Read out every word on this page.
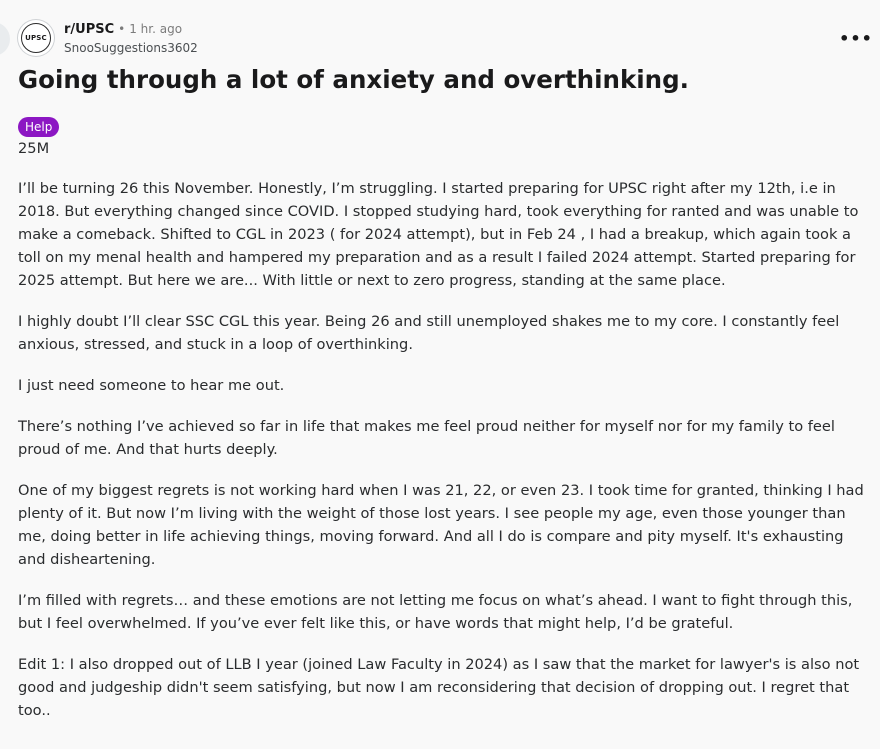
UPSC
r/UPSC • 1 hr. ago
SnooSuggestions3602
•••
Going through a lot of anxiety and overthinking.
Help

25M

I’ll be turning 26 this November. Honestly, I’m struggling. I started preparing for UPSC right after my 12th, i.e in 2018. But everything changed since COVID. I stopped studying hard, took everything for ranted and was unable to make a comeback. Shifted to CGL in 2023 ( for 2024 attempt), but in Feb 24 , I had a breakup, which again took a toll on my menal health and hampered my preparation and as a result I failed 2024 attempt. Started preparing for 2025 attempt. But here we are... With little or next to zero progress, standing at the same place.

I highly doubt I’ll clear SSC CGL this year. Being 26 and still unemployed shakes me to my core. I constantly feel anxious, stressed, and stuck in a loop of overthinking.

I just need someone to hear me out.

There’s nothing I’ve achieved so far in life that makes me feel proud neither for myself nor for my family to feel proud of me. And that hurts deeply.

One of my biggest regrets is not working hard when I was 21, 22, or even 23. I took time for granted, thinking I had plenty of it. But now I’m living with the weight of those lost years. I see people my age, even those younger than me, doing better in life achieving things, moving forward. And all I do is compare and pity myself. It's exhausting and disheartening.

I’m filled with regrets… and these emotions are not letting me focus on what’s ahead. I want to fight through this, but I feel overwhelmed. If you’ve ever felt like this, or have words that might help, I’d be grateful.

Edit 1: I also dropped out of LLB I year (joined Law Faculty in 2024) as I saw that the market for lawyer's is also not good and judgeship didn't seem satisfying, but now I am reconsidering that decision of dropping out. I regret that too..
